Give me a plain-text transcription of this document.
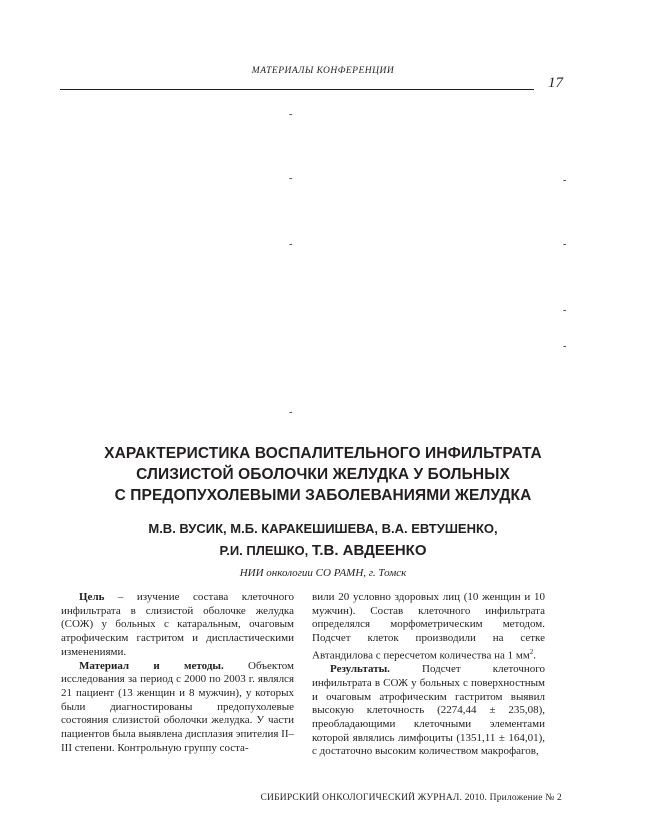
МАТЕРИАЛЫ КОНФЕРЕНЦИИ
17
-
-	-
-	-
-
-
-
ХАРАКТЕРИСТИКА ВОСПАЛИТЕЛЬНОГО ИНФИЛЬТРАТА
СЛИЗИСТОЙ ОБОЛОЧКИ ЖЕЛУДКА У БОЛЬНЫХ
С ПРЕДОПУХОЛЕВЫМИ ЗАБОЛЕВАНИЯМИ ЖЕЛУДКА
М.В. ВУСИК, М.Б. КАРАКЕШИШЕВА, В.А. ЕВТУШЕНКО,
Р.И. ПЛЕШКО, Т.В. АВДЕЕНКО
НИИ онкологии СО РАМН, г. Томск

Цель – изучение состава клеточного инфильтрата в слизистой оболочке желудка (СОЖ) у больных с катаральным, очаговым атрофическим гастритом и диспластическими изменениями.

Материал и методы. Объектом исследования за период с 2000 по 2003 г. являлся 21 пациент (13 женщин и 8 мужчин), у которых были диагностированы предопухолевые состояния слизистой оболочки желудка. У части пациентов была выявлена дисплазия эпителия II–III степени. Контрольную группу соста-

вили 20 условно здоровых лиц (10 женщин и 10 мужчин). Состав клеточного инфильтрата определялся морфометрическим методом. Подсчет клеток производили на сетке Автандилова с пересчетом количества на 1 $мм^2$.

Результаты. Подсчет клеточного инфильтрата в СОЖ у больных с поверхностным и очаговым атрофическим гастритом выявил высокую клеточность (2274,44 ± 235,08), преобладающими клеточными элементами которой являлись лимфоциты (1351,11 ± 164,01), с достаточно высоким количеством макрофагов,

СИБИРСКИЙ ОНКОЛОГИЧЕСКИЙ ЖУРНАЛ. 2010. Приложение № 2
